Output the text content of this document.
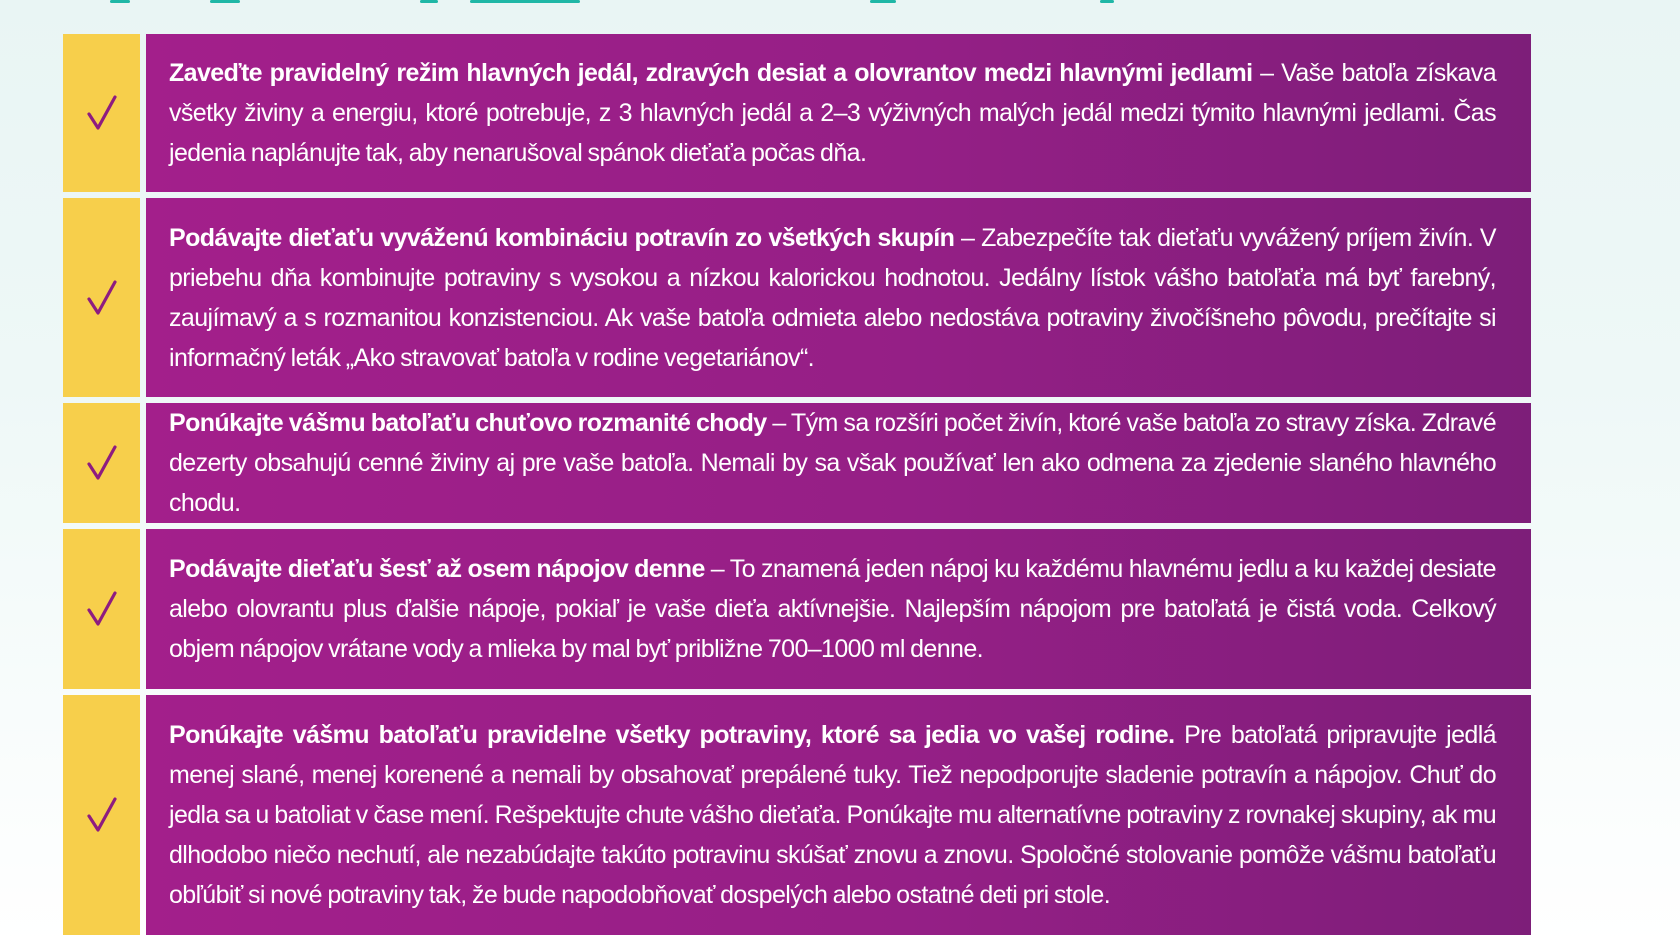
Zaveďte pravidelný režim hlavných jedál, zdravých desiat a olovrantov medzi hlavnými jedlami – Vaše batoľa získava všetky živiny a energiu, ktoré potrebuje, z 3 hlavných jedál a 2–3 výživných malých jedál medzi týmito hlavnými jedlami. Čas jedenia naplánujte tak, aby nenarušoval spánok dieťaťa počas dňa.

Podávajte dieťaťu vyváženú kombináciu potravín zo všetkých skupín – Zabezpečíte tak dieťaťu vyvážený príjem živín. V priebehu dňa kombinujte potraviny s vysokou a nízkou kalorickou hodnotou. Jedálny lístok vášho batoľaťa má byť farebný, zaujímavý a s rozmanitou konzistenciou. Ak vaše batoľa odmieta alebo nedostáva potraviny živočíšneho pôvodu, prečítajte si informačný leták „Ako stravovať batoľa v rodine vegetariánov“.

Ponúkajte vášmu batoľaťu chuťovo rozmanité chody – Tým sa rozšíri počet živín, ktoré vaše batoľa zo stravy získa. Zdravé dezerty obsahujú cenné živiny aj pre vaše batoľa. Nemali by sa však používať len ako odmena za zjedenie slaného hlavného chodu.

Podávajte dieťaťu šesť až osem nápojov denne – To znamená jeden nápoj ku každému hlavnému jedlu a ku každej desiate alebo olovrantu plus ďalšie nápoje, pokiaľ je vaše dieťa aktívnejšie. Najlepším nápojom pre batoľatá je čistá voda. Celkový objem nápojov vrátane vody a mlieka by mal byť približne 700–1000 ml denne.

Ponúkajte vášmu batoľaťu pravidelne všetky potraviny, ktoré sa jedia vo vašej rodine. Pre batoľatá pripravujte jedlá menej slané, menej korenené a nemali by obsahovať prepálené tuky. Tiež nepodporujte sladenie potravín a nápojov. Chuť do jedla sa u batoliat v čase mení. Rešpektujte chute vášho dieťaťa. Ponúkajte mu alternatívne potraviny z rovnakej skupiny, ak mu dlhodobo niečo nechutí, ale nezabúdajte takúto potravinu skúšať znovu a znovu. Spoločné stolovanie pomôže vášmu batoľaťu obľúbiť si nové potraviny tak, že bude napodobňovať dospelých alebo ostatné deti pri stole.
